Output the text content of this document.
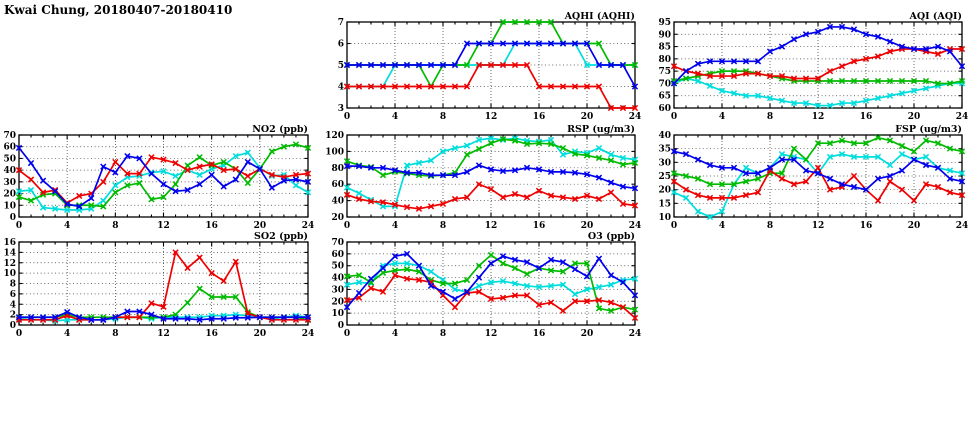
Kwai Chung, 20180407-20180410
3
4
5
6
7
0	4	8	12	16	20	24
AQHI (AQHI)
60
65
70
75
80
85
90
95
0	4	8	12	16	20	24
AQI (AQI)
0
10
20
30
40
50
60
70
0	4	8	12	16	20	24
NO2 (ppb)
20
40
60
80
100
120
0	4	8	12	16	20	24
RSP (ug/m3)
10
15
20
25
30
35
40
0	4	8	12	16	20	24
FSP (ug/m3)
0
2
4
6
8
10
12
14
16
0	4	8	12	16	20	24
SO2 (ppb)
0
10
20
30
40
50
60
70
0	4	8	12	16	20	24
O3 (ppb)
